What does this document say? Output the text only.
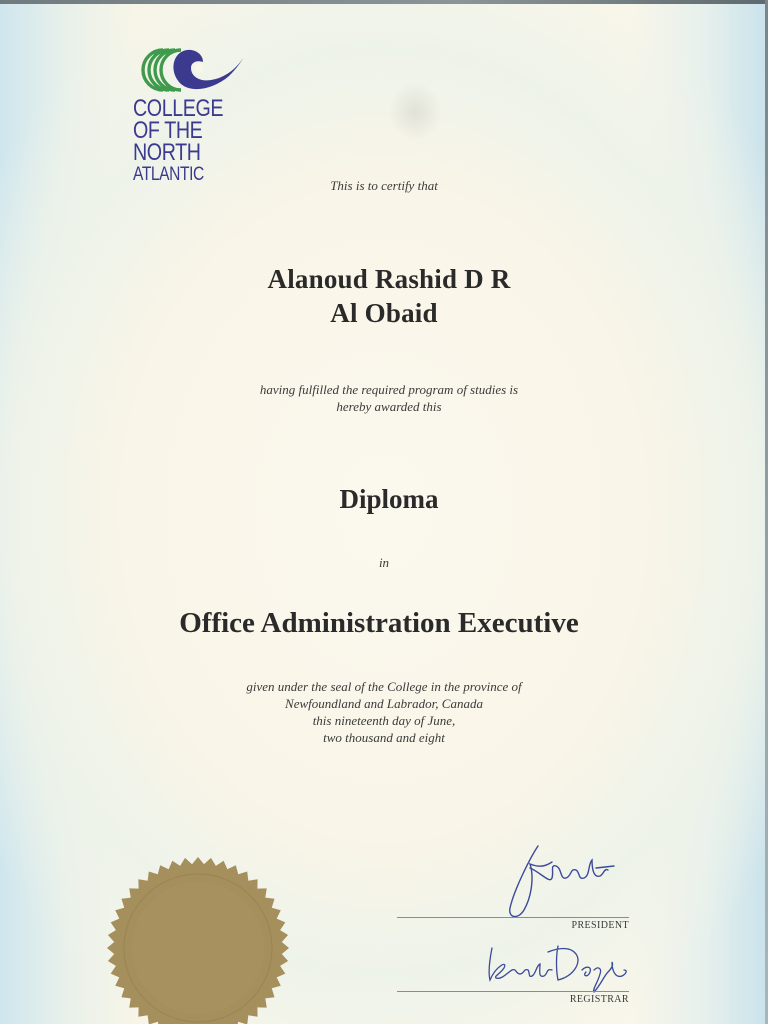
COLLEGE
OF THE
NORTH
ATLANTIC
This is to certify that
Alanoud Rashid D R
Al Obaid
having fulfilled the required program of studies is
hereby awarded this
Diploma
in
Office Administration Executive
given under the seal of the College in the province of
Newfoundland and Labrador, Canada
this nineteenth day of June,
two thousand and eight
PRESIDENT
REGISTRAR
